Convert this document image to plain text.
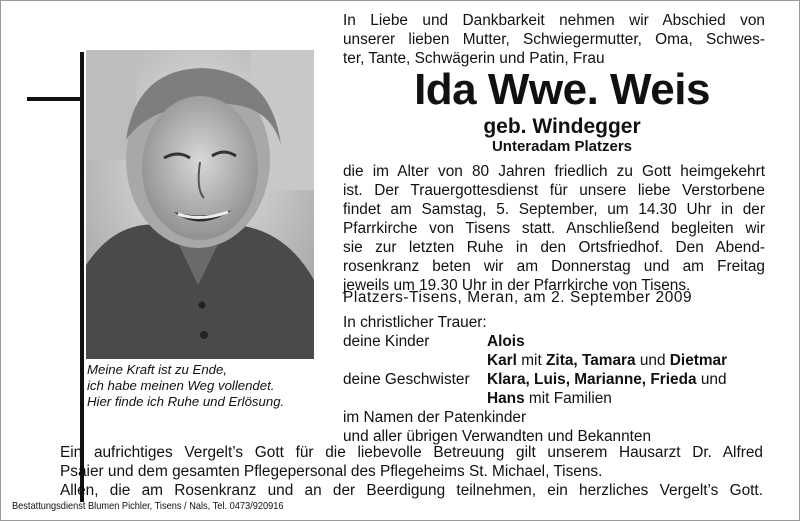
Meine Kraft ist zu Ende,
ich habe meinen Weg vollendet.
Hier finde ich Ruhe und Erlösung.
In Liebe und Dankbarkeit nehmen wir Abschied von
unserer lieben Mutter, Schwiegermutter, Oma, Schwes-
ter, Tante, Schwägerin und Patin, Frau
Ida Wwe. Weis
geb. Windegger
Unteradam Platzers
die im Alter von 80 Jahren friedlich zu Gott heimgekehrt
ist. Der Trauergottesdienst für unsere liebe Verstorbene
findet am Samstag, 5. September, um 14.30 Uhr in der
Pfarrkirche von Tisens statt. Anschließend begleiten wir
sie zur letzten Ruhe in den Ortsfriedhof. Den Abend-
rosenkranz beten wir am Donnerstag und am Freitag
jeweils um 19.30 Uhr in der Pfarrkirche von Tisens.
Platzers-Tisens, Meran, am 2. September 2009
In christlicher Trauer:
deine Kinder	Alois
Karl mit Zita, Tamara und Dietmar
deine Geschwister Klara, Luis, Marianne, Frieda und
Hans mit Familien
im Namen der Patenkinder
und aller übrigen Verwandten und Bekannten
Ein aufrichtiges Vergelt’s Gott für die liebevolle Betreuung gilt unserem Hausarzt Dr. Alfred
Psaier und dem gesamten Pflegepersonal des Pflegeheims St. Michael, Tisens.
Allen, die am Rosenkranz und an der Beerdigung teilnehmen, ein herzliches Vergelt’s Gott.
Bestattungsdienst Blumen Pichler, Tisens / Nals, Tel. 0473/920916
